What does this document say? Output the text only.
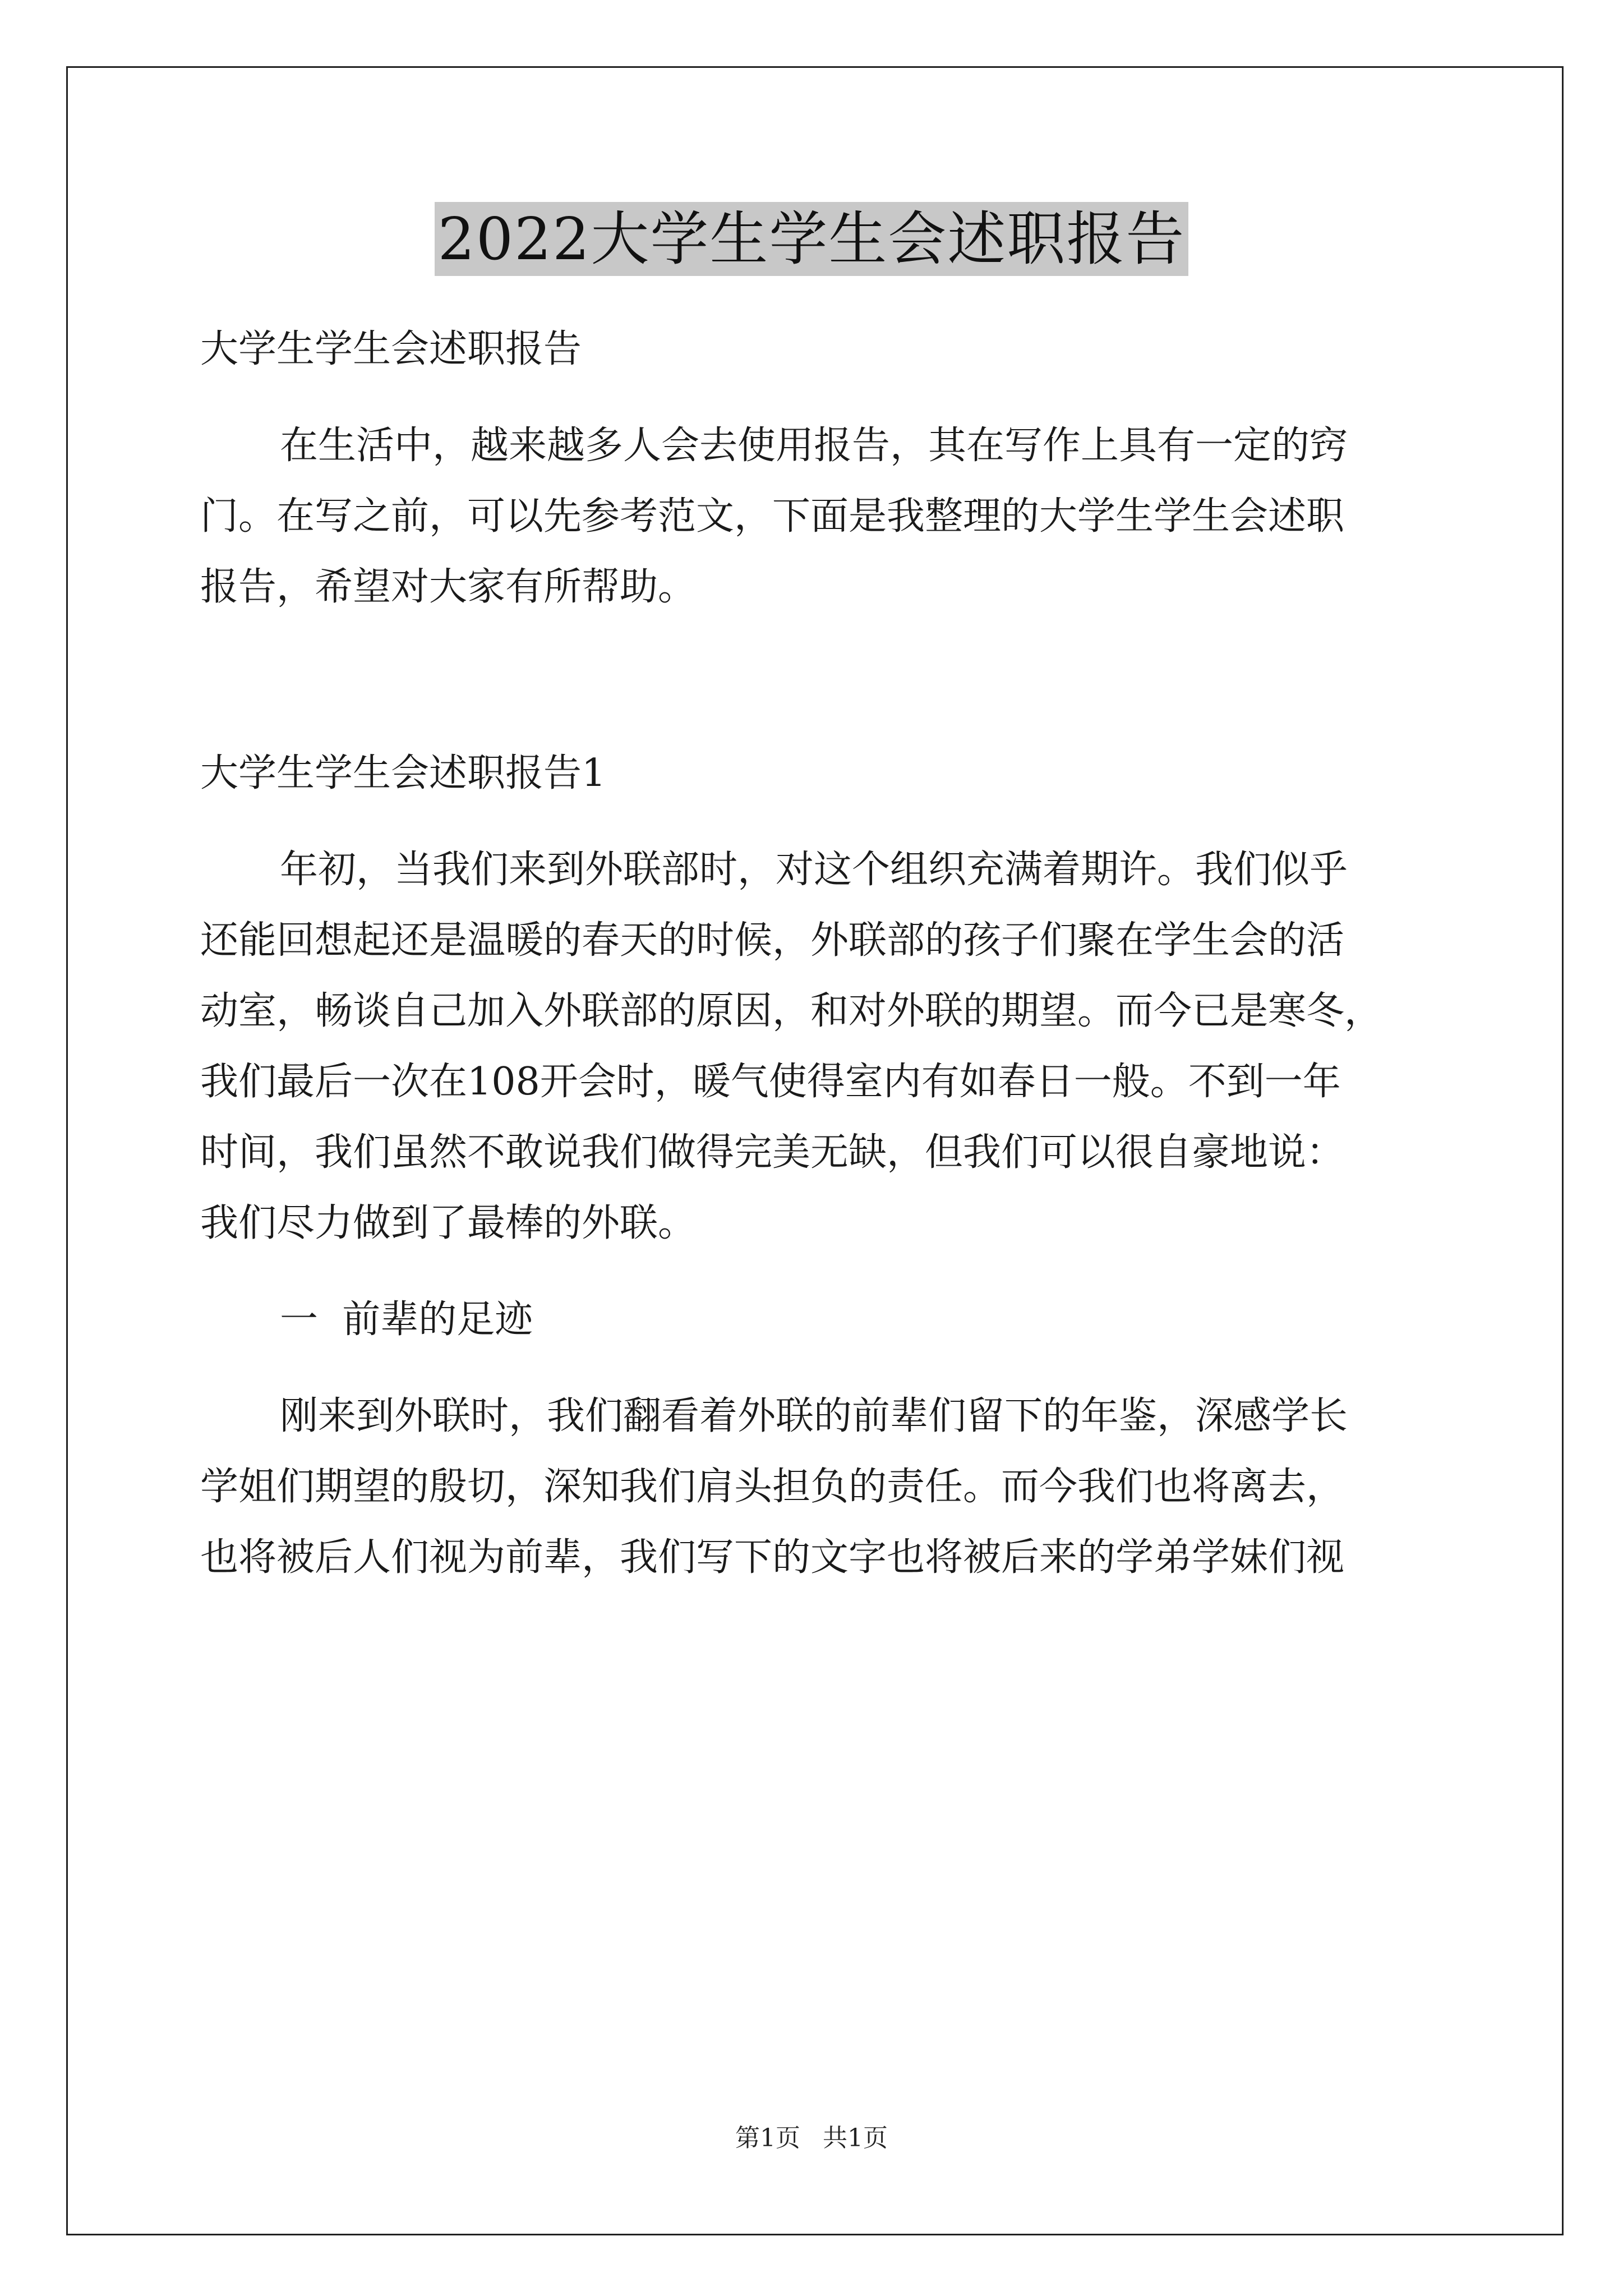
2022大学生学生会述职报告

大学生学生会述职报告

在生活中，越来越多人会去使用报告，其在写作上具有一定的窍

门。在写之前，可以先参考范文，下面是我整理的大学生学生会述职

报告，希望对大家有所帮助。

大学生学生会述职报告1

年初，当我们来到外联部时，对这个组织充满着期许。我们似乎

还能回想起还是温暖的春天的时候，外联部的孩子们聚在学生会的活

动室，畅谈自己加入外联部的原因，和对外联的期望。而今已是寒冬，

我们最后一次在108开会时，暖气使得室内有如春日一般。不到一年

时间，我们虽然不敢说我们做得完美无缺，但我们可以很自豪地说：

我们尽力做到了最棒的外联。

一  前辈的足迹

刚来到外联时，我们翻看着外联的前辈们留下的年鉴，深感学长

学姐们期望的殷切，深知我们肩头担负的责任。而今我们也将离去，

也将被后人们视为前辈，我们写下的文字也将被后来的学弟学妹们视

第1页 共1页
